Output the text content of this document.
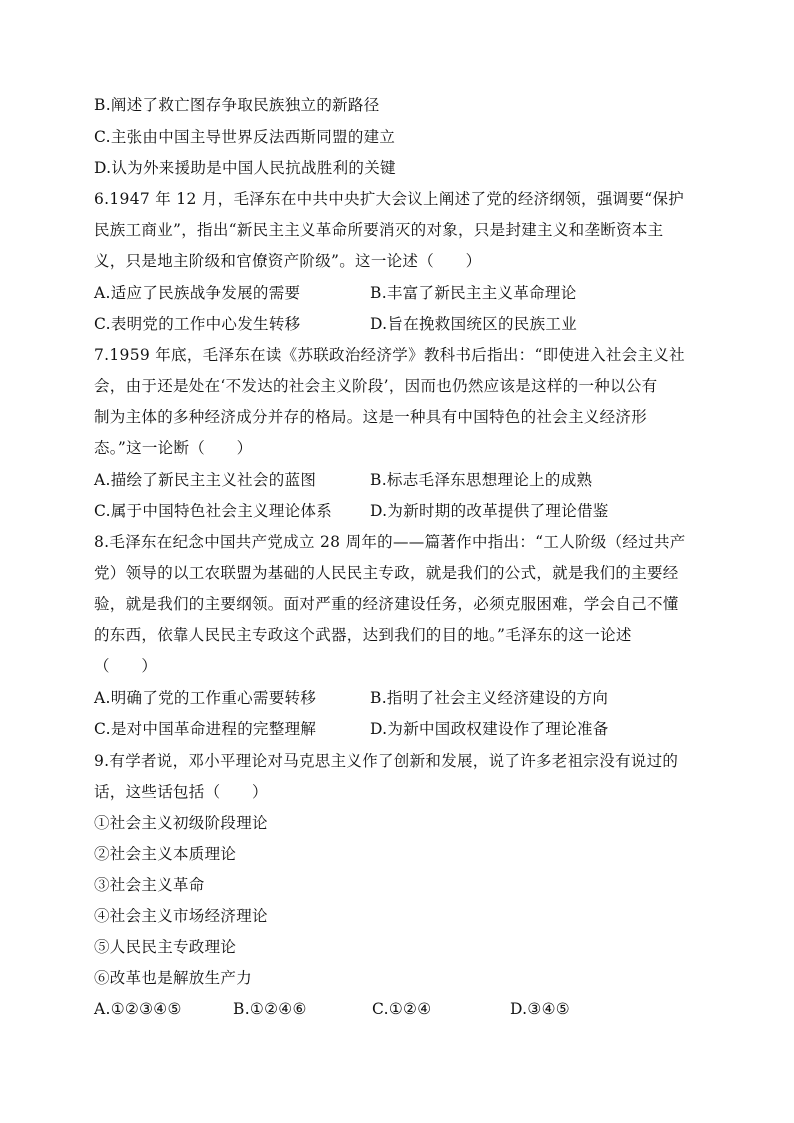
B.阐述了救亡图存争取民族独立的新路径
C.主张由中国主导世界反法西斯同盟的建立
D.认为外来援助是中国人民抗战胜利的关键
6.1947 年 12 月，毛泽东在中共中央扩大会议上阐述了党的经济纲领，强调要“保护
民族工商业”，指出“新民主主义革命所要消灭的对象，只是封建主义和垄断资本主
义，只是地主阶级和官僚资产阶级”。这一论述（　　）
A.适应了民族战争发展的需要	B.丰富了新民主主义革命理论
C.表明党的工作中心发生转移	D.旨在挽救国统区的民族工业
7.1959 年底，毛泽东在读《苏联政治经济学》教科书后指出：“即使进入社会主义社
会，由于还是处在‘不发达的社会主义阶段’，因而也仍然应该是这样的一种以公有
制为主体的多种经济成分并存的格局。这是一种具有中国特色的社会主义经济形
态。”这一论断（　　）
A.描绘了新民主主义社会的蓝图	B.标志毛泽东思想理论上的成熟
C.属于中国特色社会主义理论体系 D.为新时期的改革提供了理论借鉴
8.毛泽东在纪念中国共产党成立 28 周年的——篇著作中指出：“工人阶级（经过共产
党）领导的以工农联盟为基础的人民民主专政，就是我们的公式，就是我们的主要经
验，就是我们的主要纲领。面对严重的经济建设任务，必须克服困难，学会自己不懂
的东西，依靠人民民主专政这个武器，达到我们的目的地。”毛泽东的这一论述
（　　）
A.明确了党的工作重心需要转移	B.指明了社会主义经济建设的方向
C.是对中国革命进程的完整理解	D.为新中国政权建设作了理论准备
9.有学者说，邓小平理论对马克思主义作了创新和发展，说了许多老祖宗没有说过的
话，这些话包括（　　）
①社会主义初级阶段理论
②社会主义本质理论
③社会主义革命
④社会主义市场经济理论
⑤人民民主专政理论
⑥改革也是解放生产力
A.①②③④⑤	B.①②④⑥	C.①②④	D.③④⑤
